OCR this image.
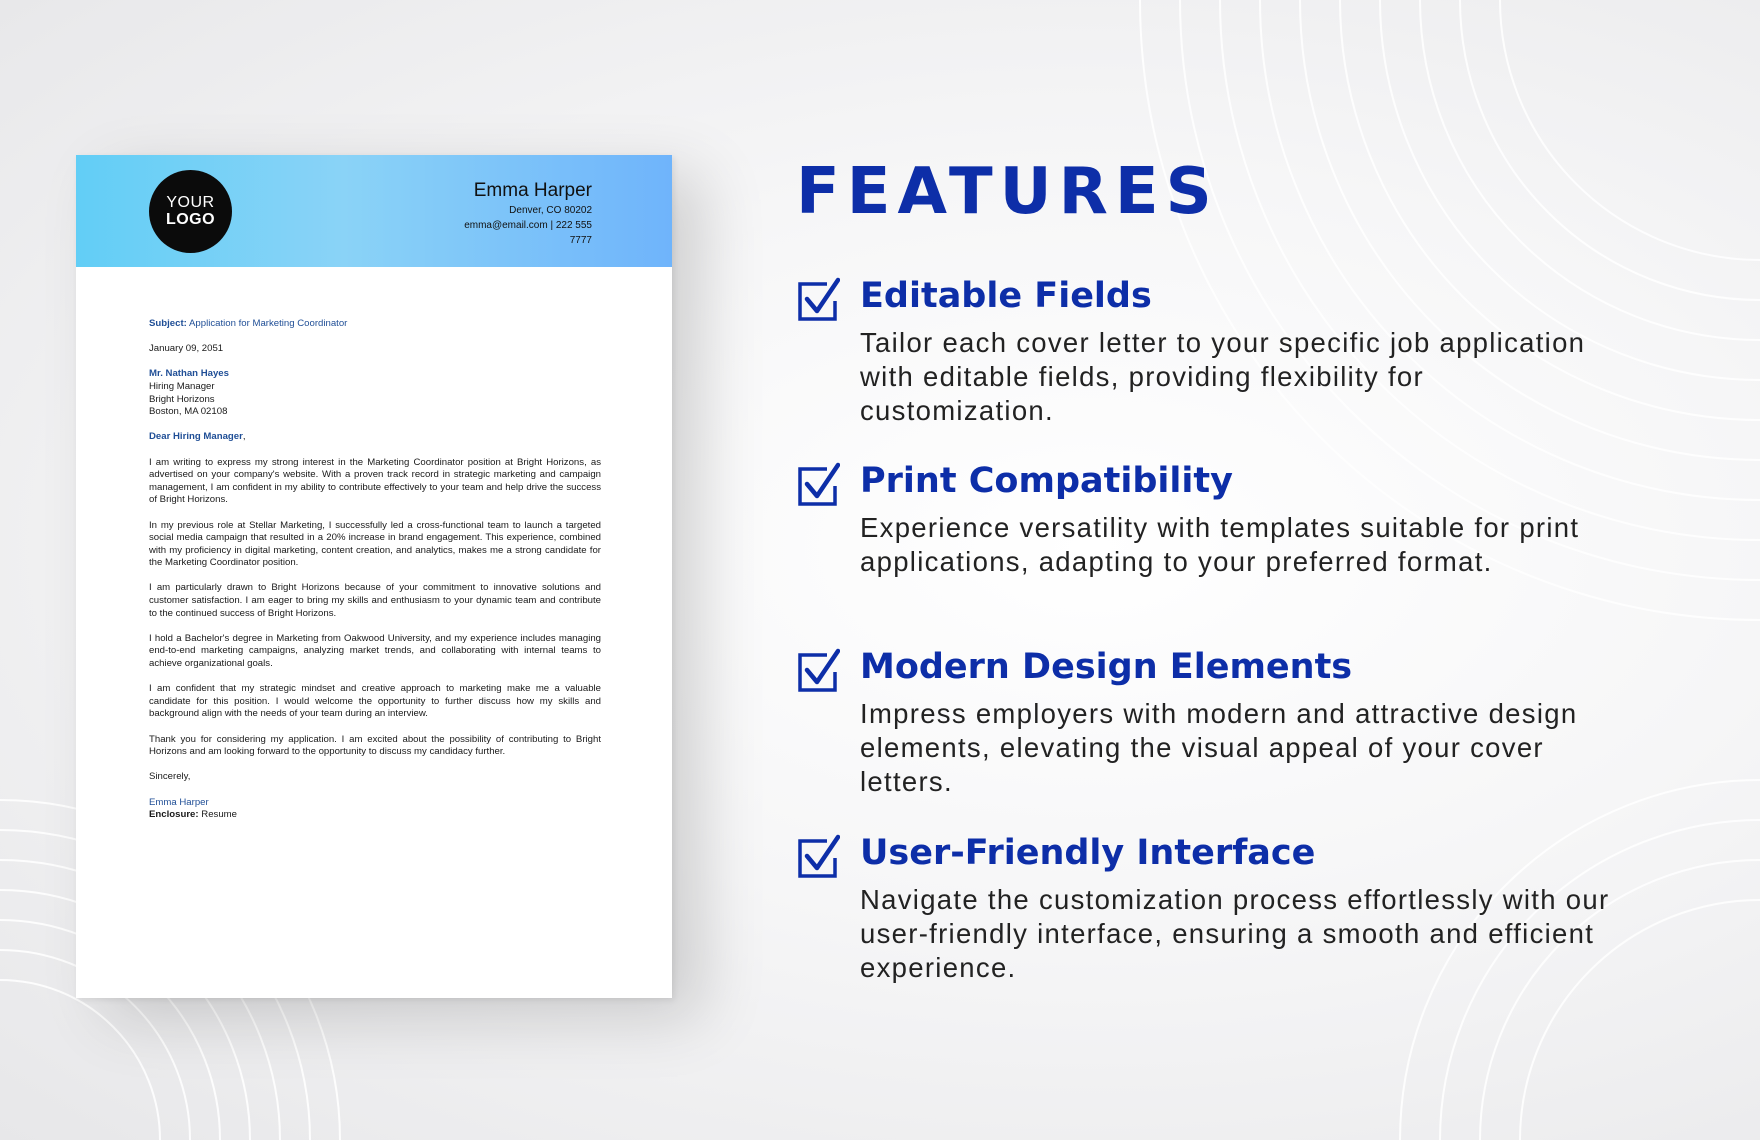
YOUR
LOGO
Emma Harper
Denver, CO 80202
emma@email.com | 222 555
7777

Subject: Application for Marketing Coordinator

January 09, 2051

Mr. Nathan Hayes
Hiring Manager
Bright Horizons
Boston, MA 02108

Dear Hiring Manager,

I am writing to express my strong interest in the Marketing Coordinator position at Bright Horizons, as advertised on your company's website. With a proven track record in strategic marketing and campaign management, I am confident in my ability to contribute effectively to your team and help drive the success of Bright Horizons.

In my previous role at Stellar Marketing, I successfully led a cross-functional team to launch a targeted social media campaign that resulted in a 20% increase in brand engagement. This experience, combined with my proficiency in digital marketing, content creation, and analytics, makes me a strong candidate for the Marketing Coordinator position.

I am particularly drawn to Bright Horizons because of your commitment to innovative solutions and customer satisfaction. I am eager to bring my skills and enthusiasm to your dynamic team and contribute to the continued success of Bright Horizons.

I hold a Bachelor's degree in Marketing from Oakwood University, and my experience includes managing end-to-end marketing campaigns, analyzing market trends, and collaborating with internal teams to achieve organizational goals.

I am confident that my strategic mindset and creative approach to marketing make me a valuable candidate for this position. I would welcome the opportunity to further discuss how my skills and background align with the needs of your team during an interview.

Thank you for considering my application. I am excited about the possibility of contributing to Bright Horizons and am looking forward to the opportunity to discuss my candidacy further.

Sincerely,

Emma Harper
Enclosure: Resume

FEATURES
Editable Fields

Tailor each cover letter to your specific job application with editable fields, providing flexibility for customization.

Print Compatibility

Experience versatility with templates suitable for print applications, adapting to your preferred format.

Modern Design Elements

Impress employers with modern and attractive design elements, elevating the visual appeal of your cover letters.

User-Friendly Interface

Navigate the customization process effortlessly with our user-friendly interface, ensuring a smooth and efficient experience.
